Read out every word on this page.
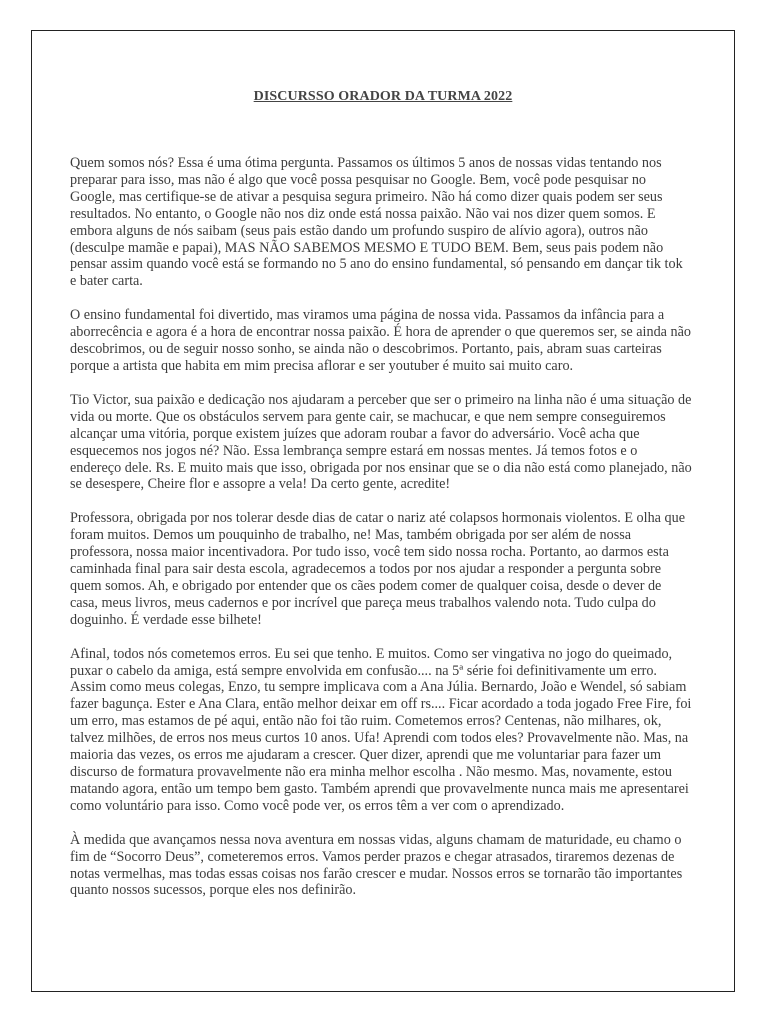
DISCURSSO ORADOR DA TURMA 2022

Quem somos nós? Essa é uma ótima pergunta. Passamos os últimos 5 anos de nossas vidas tentando nos preparar para isso, mas não é algo que você possa pesquisar no Google. Bem, você pode pesquisar no Google, mas certifique-se de ativar a pesquisa segura primeiro. Não há como dizer quais podem ser seus resultados. No entanto, o Google não nos diz onde está nossa paixão. Não vai nos dizer quem somos. E embora alguns de nós saibam (seus pais estão dando um profundo suspiro de alívio agora), outros não (desculpe mamãe e papai), MAS NÃO SABEMOS MESMO E TUDO BEM. Bem, seus pais podem não pensar assim quando você está se formando no 5 ano do ensino fundamental, só pensando em dançar tik tok e bater carta.

O ensino fundamental foi divertido, mas viramos uma página de nossa vida. Passamos da infância para a aborrecência e agora é a hora de encontrar nossa paixão. É hora de aprender o que queremos ser, se ainda não descobrimos, ou de seguir nosso sonho, se ainda não o descobrimos. Portanto, pais, abram suas carteiras porque a artista que habita em mim precisa aflorar e ser youtuber é muito sai muito caro.

Tio Victor, sua paixão e dedicação nos ajudaram a perceber que ser o primeiro na linha não é uma situação de vida ou morte. Que os obstáculos servem para gente cair, se machucar, e que nem sempre conseguiremos alcançar uma vitória, porque existem juízes que adoram roubar a favor do adversário. Você acha que esquecemos nos jogos né? Não. Essa lembrança sempre estará em nossas mentes. Já temos fotos e o endereço dele. Rs. E muito mais que isso, obrigada por nos ensinar que se o dia não está como planejado, não se desespere, Cheire flor e assopre a vela! Da certo gente, acredite!

Professora, obrigada por nos tolerar desde dias de catar o nariz até colapsos hormonais violentos. E olha que foram muitos. Demos um pouquinho de trabalho, ne! Mas, também obrigada por ser além de nossa professora, nossa maior incentivadora. Por tudo isso, você tem sido nossa rocha. Portanto, ao darmos esta caminhada final para sair desta escola, agradecemos a todos por nos ajudar a responder a pergunta sobre quem somos. Ah, e obrigado por entender que os cães podem comer de qualquer coisa, desde o dever de casa, meus livros, meus cadernos e por incrível que pareça meus trabalhos valendo nota. Tudo culpa do doguinho. É verdade esse bilhete!

Afinal, todos nós cometemos erros. Eu sei que tenho. E muitos. Como ser vingativa no jogo do queimado, puxar o cabelo da amiga, está sempre envolvida em confusão.... na 5ª série foi definitivamente um erro. Assim como meus colegas, Enzo, tu sempre implicava com a Ana Júlia. Bernardo, João e Wendel, só sabiam fazer bagunça. Ester e Ana Clara, então melhor deixar em off rs.... Ficar acordado a toda jogado Free Fire, foi um erro, mas estamos de pé aqui, então não foi tão ruim. Cometemos erros? Centenas, não milhares, ok, talvez milhões, de erros nos meus curtos 10 anos. Ufa! Aprendi com todos eles? Provavelmente não. Mas, na maioria das vezes, os erros me ajudaram a crescer. Quer dizer, aprendi que me voluntariar para fazer um discurso de formatura provavelmente não era minha melhor escolha . Não mesmo. Mas, novamente, estou matando agora, então um tempo bem gasto. Também aprendi que provavelmente nunca mais me apresentarei como voluntário para isso. Como você pode ver, os erros têm a ver com o aprendizado.

À medida que avançamos nessa nova aventura em nossas vidas, alguns chamam de maturidade, eu chamo o fim de “Socorro Deus”, cometeremos erros. Vamos perder prazos e chegar atrasados, tiraremos dezenas de notas vermelhas, mas todas essas coisas nos farão crescer e mudar. Nossos erros se tornarão tão importantes quanto nossos sucessos, porque eles nos definirão.
